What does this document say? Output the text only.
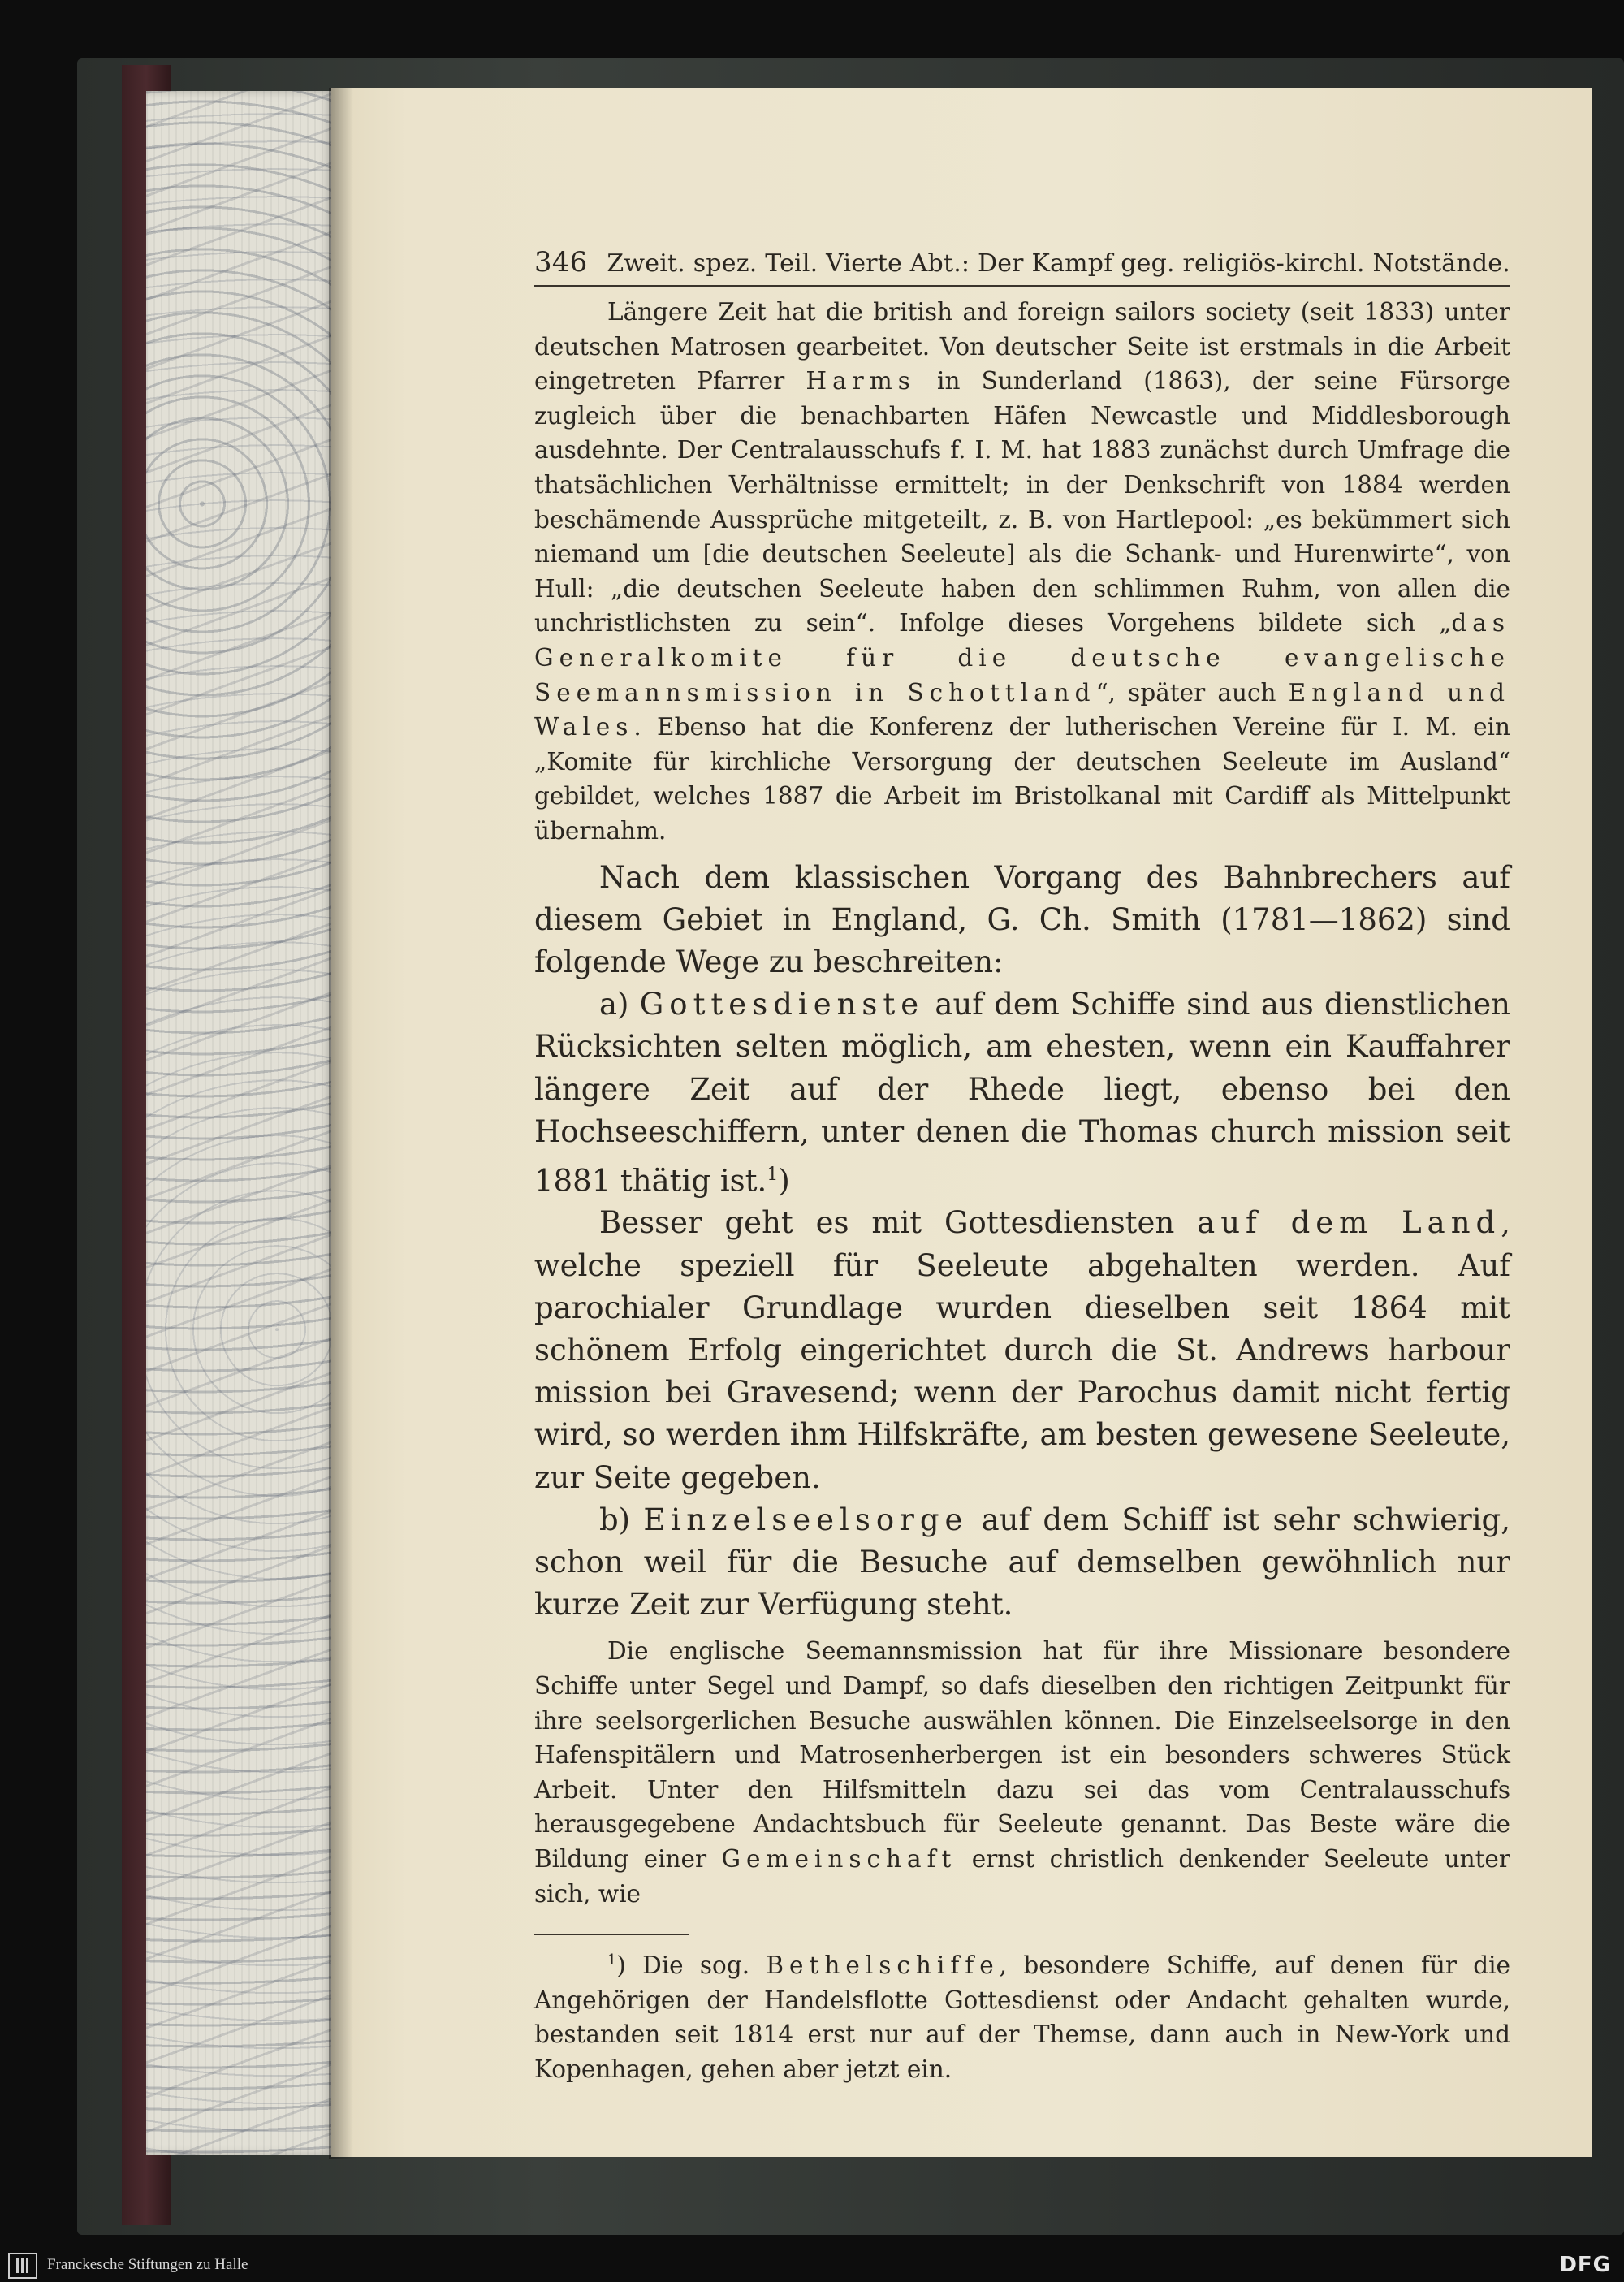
346 Zweit. spez. Teil. Vierte Abt.: Der Kampf geg. religiös-kirchl. Notstände.

Längere Zeit hat die british and foreign sailors society (seit 1833) unter deutschen Matrosen gearbeitet. Von deutscher Seite ist erstmals in die Arbeit eingetreten Pfarrer Harms in Sunderland (1863), der seine Fürsorge zugleich über die benachbarten Häfen Newcastle und Middlesborough ausdehnte. Der Centralausschufs f. I. M. hat 1883 zunächst durch Umfrage die thatsächlichen Verhältnisse ermittelt; in der Denkschrift von 1884 werden beschämende Aussprüche mitgeteilt, z. B. von Hartlepool: „es bekümmert sich niemand um [die deutschen Seeleute] als die Schank- und Hurenwirte“, von Hull: „die deutschen Seeleute haben den schlimmen Ruhm, von allen die unchristlichsten zu sein“. Infolge dieses Vorgehens bildete sich „das Generalkomite für die deutsche evangelische Seemannsmission in Schottland“, später auch England und Wales. Ebenso hat die Konferenz der lutherischen Vereine für I. M. ein „Komite für kirchliche Versorgung der deutschen Seeleute im Ausland“ gebildet, welches 1887 die Arbeit im Bristolkanal mit Cardiff als Mittelpunkt übernahm.

Nach dem klassischen Vorgang des Bahnbrechers auf diesem Gebiet in England, G. Ch. Smith (1781—1862) sind folgende Wege zu beschreiten:

a) Gottesdienste auf dem Schiffe sind aus dienstlichen Rücksichten selten möglich, am ehesten, wenn ein Kauffahrer längere Zeit auf der Rhede liegt, ebenso bei den Hochseeschiffern, unter denen die Thomas church mission seit 1881 thätig ist.$^1$)

Besser geht es mit Gottesdiensten auf dem Land, welche speziell für Seeleute abgehalten werden. Auf parochialer Grundlage wurden dieselben seit 1864 mit schönem Erfolg eingerichtet durch die St. Andrews harbour mission bei Gravesend; wenn der Parochus damit nicht fertig wird, so werden ihm Hilfskräfte, am besten gewesene Seeleute, zur Seite gegeben.

b) Einzelseelsorge auf dem Schiff ist sehr schwierig, schon weil für die Besuche auf demselben gewöhnlich nur kurze Zeit zur Verfügung steht.

Die englische Seemannsmission hat für ihre Missionare besondere Schiffe unter Segel und Dampf, so dafs dieselben den richtigen Zeitpunkt für ihre seelsorgerlichen Besuche auswählen können. Die Einzelseelsorge in den Hafenspitälern und Matrosenherbergen ist ein besonders schweres Stück Arbeit. Unter den Hilfsmitteln dazu sei das vom Centralausschufs herausgegebene Andachtsbuch für Seeleute genannt. Das Beste wäre die Bildung einer Gemeinschaft ernst christlich denkender Seeleute unter sich, wie

$^1$) Die sog. Bethelschiffe, besondere Schiffe, auf denen für die Angehörigen der Handelsflotte Gottesdienst oder Andacht gehalten wurde, bestanden seit 1814 erst nur auf der Themse, dann auch in New-York und Kopenhagen, gehen aber jetzt ein.

Franckesche Stiftungen zu Halle	DFG
